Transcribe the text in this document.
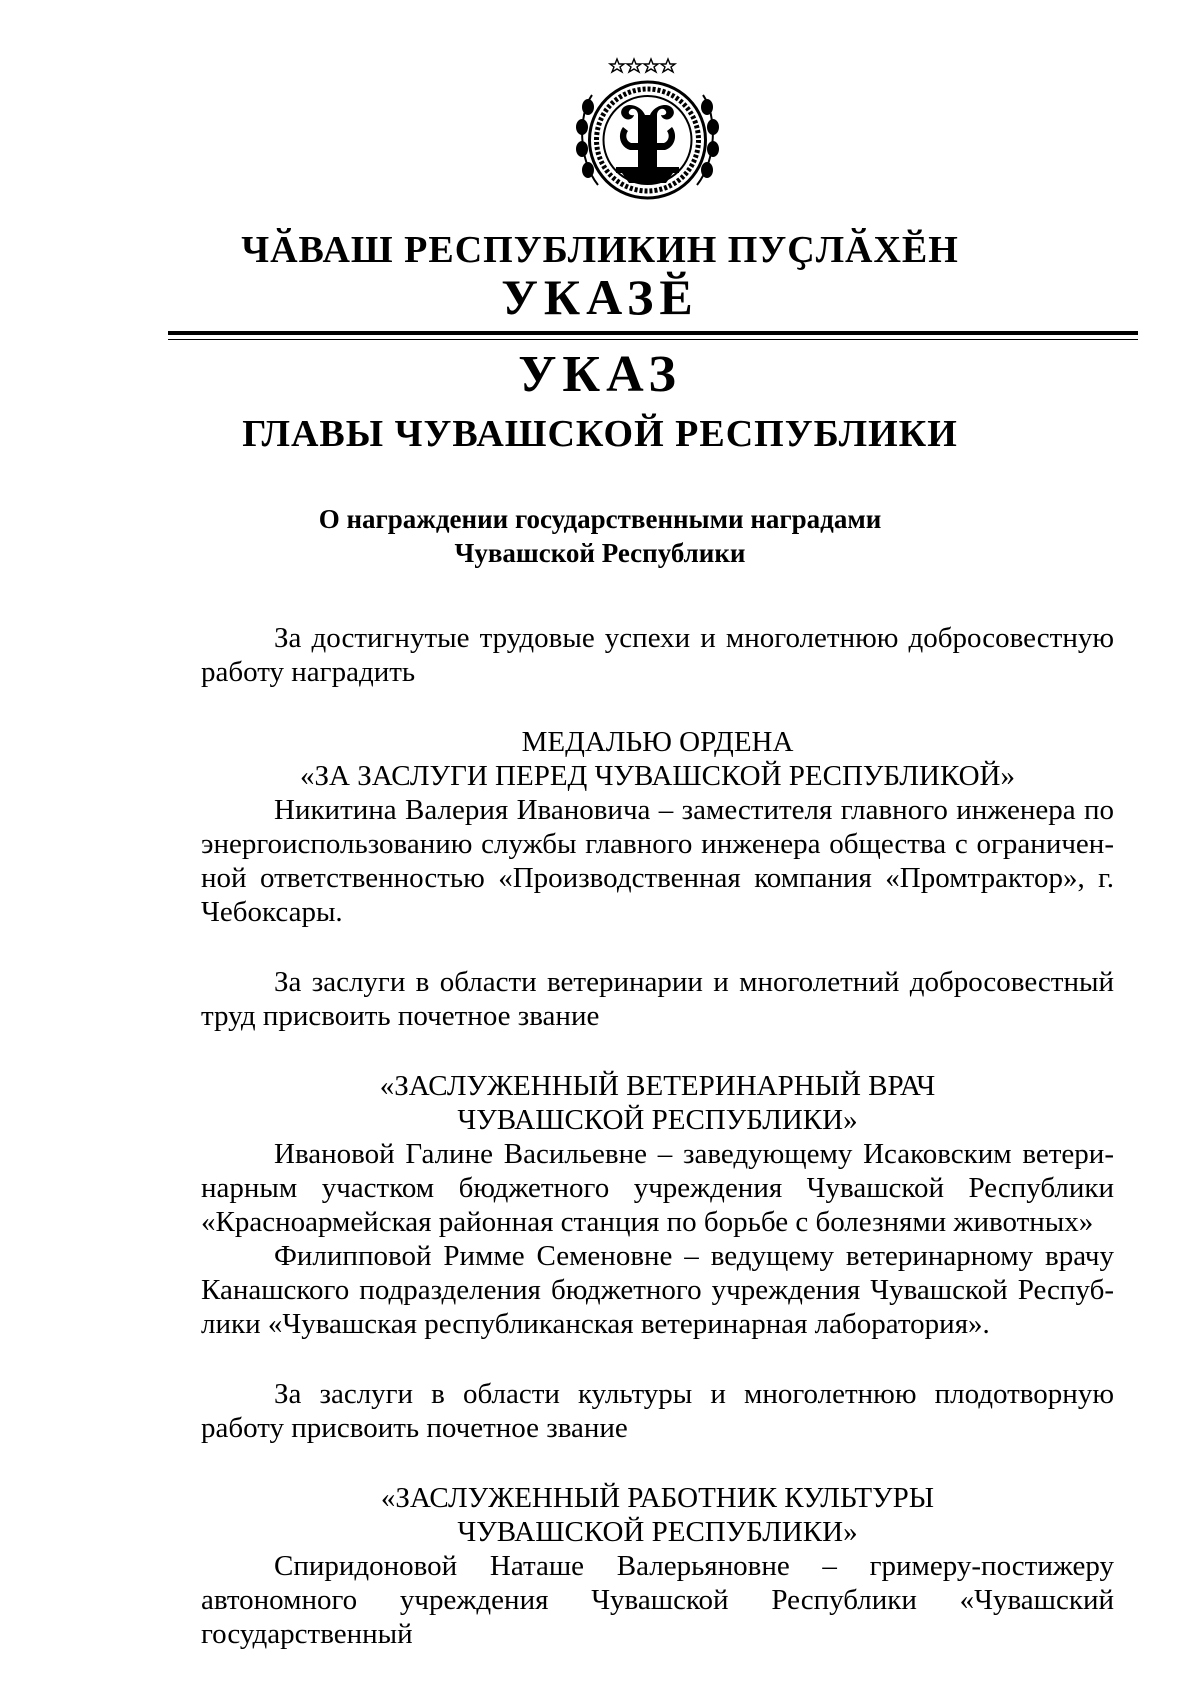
ЧӐВАШ РЕСПУБЛИКИН ПУҪЛӐХӖН
УКАЗӖ
УКАЗ
ГЛАВЫ ЧУВАШСКОЙ РЕСПУБЛИКИ
О награждении государственными наградами
Чувашской Республики

За достигнутые трудовые успехи и многолетнюю добросовестную работу наградить

МЕДАЛЬЮ ОРДЕНА
«ЗА ЗАСЛУГИ ПЕРЕД ЧУВАШСКОЙ РЕСПУБЛИКОЙ»

Никитина Валерия Ивановича – заместителя главного инженера по энергоиспользованию службы главного инженера общества с ограниченной ответственностью «Производственная компания «Промтрактор», г. Чебоксары.

За заслуги в области ветеринарии и многолетний добросовестный труд присвоить почетное звание

«ЗАСЛУЖЕННЫЙ ВЕТЕРИНАРНЫЙ ВРАЧ
ЧУВАШСКОЙ РЕСПУБЛИКИ»

Ивановой Галине Васильевне – заведующему Исаковским ветеринарным участком бюджетного учреждения Чувашской Республики «Красноармейская районная станция по борьбе с болезнями животных»

Филипповой Римме Семеновне – ведущему ветеринарному врачу Канашского подразделения бюджетного учреждения Чувашской Республики «Чувашская республиканская ветеринарная лаборатория».

За заслуги в области культуры и многолетнюю плодотворную работу присвоить почетное звание

«ЗАСЛУЖЕННЫЙ РАБОТНИК КУЛЬТУРЫ
ЧУВАШСКОЙ РЕСПУБЛИКИ»

Спиридоновой Наташе Валерьяновне – гримеру-постижеру автономного учреждения Чувашской Республики «Чувашский государственный
